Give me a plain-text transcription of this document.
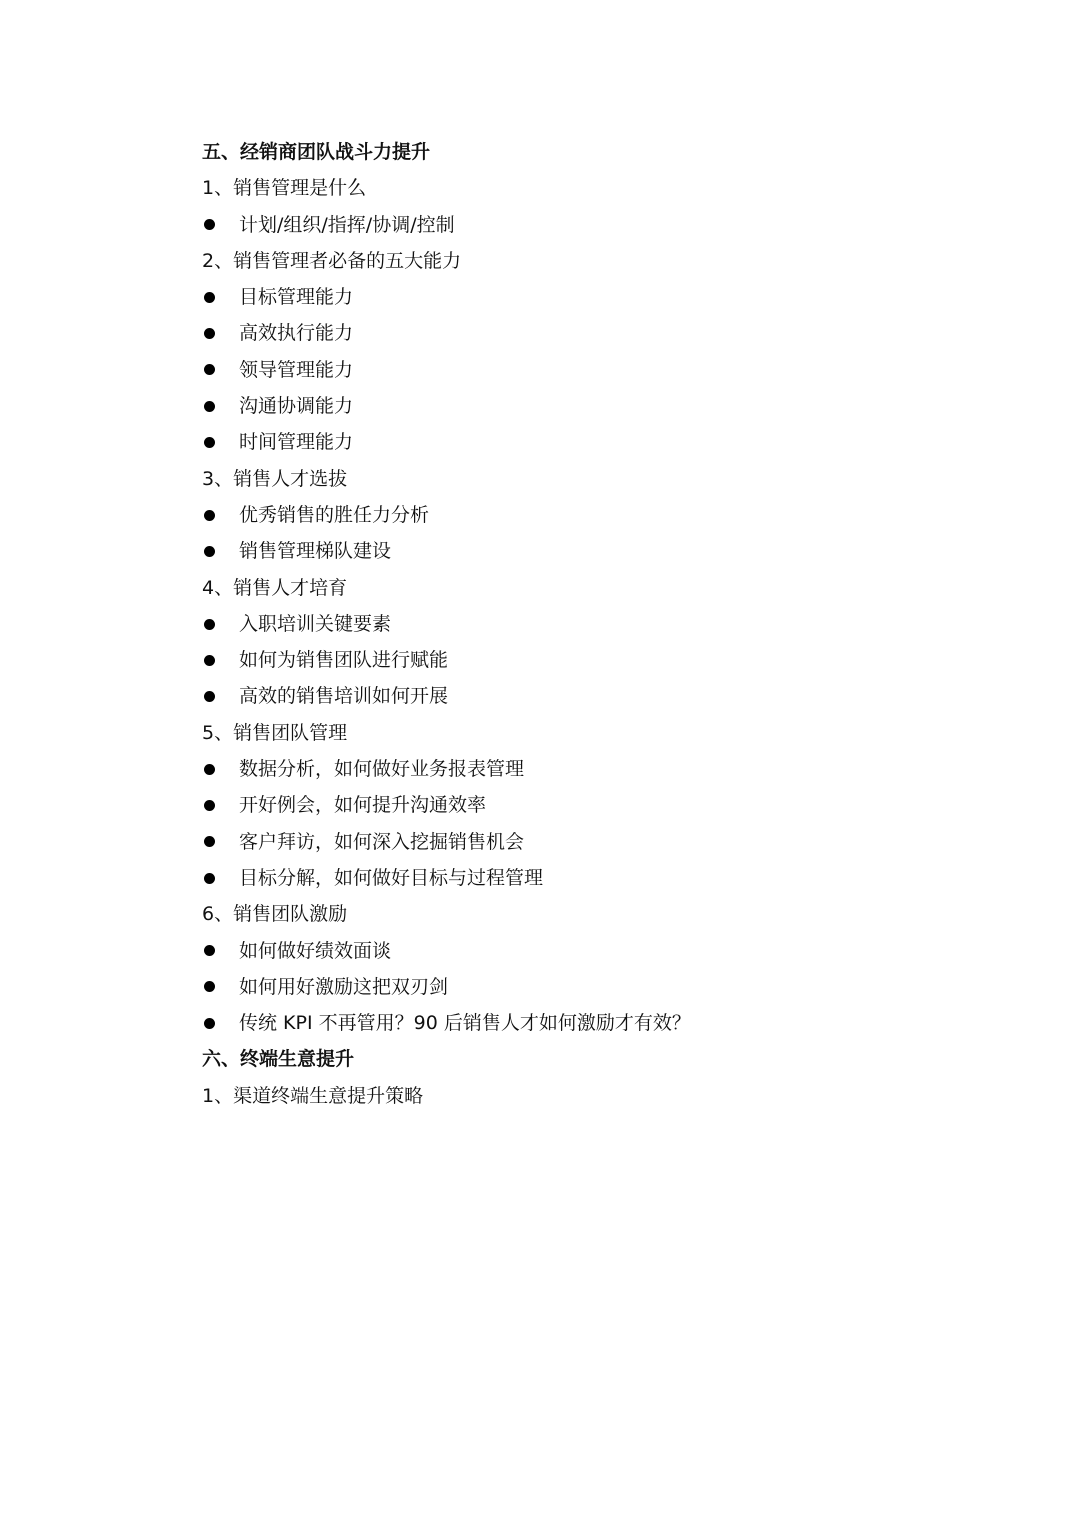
五、经销商团队战斗力提升
1、销售管理是什么
计划/组织/指挥/协调/控制
2、销售管理者必备的五大能力
目标管理能力
高效执行能力
领导管理能力
沟通协调能力
时间管理能力
3、销售人才选拔
优秀销售的胜任力分析
销售管理梯队建设
4、销售人才培育
入职培训关键要素
如何为销售团队进行赋能
高效的销售培训如何开展
5、销售团队管理
数据分析，如何做好业务报表管理
开好例会，如何提升沟通效率
客户拜访，如何深入挖掘销售机会
目标分解，如何做好目标与过程管理
6、销售团队激励
如何做好绩效面谈
如何用好激励这把双刃剑
传统 KPI 不再管用？90 后销售人才如何激励才有效？
六、终端生意提升
1、渠道终端生意提升策略
